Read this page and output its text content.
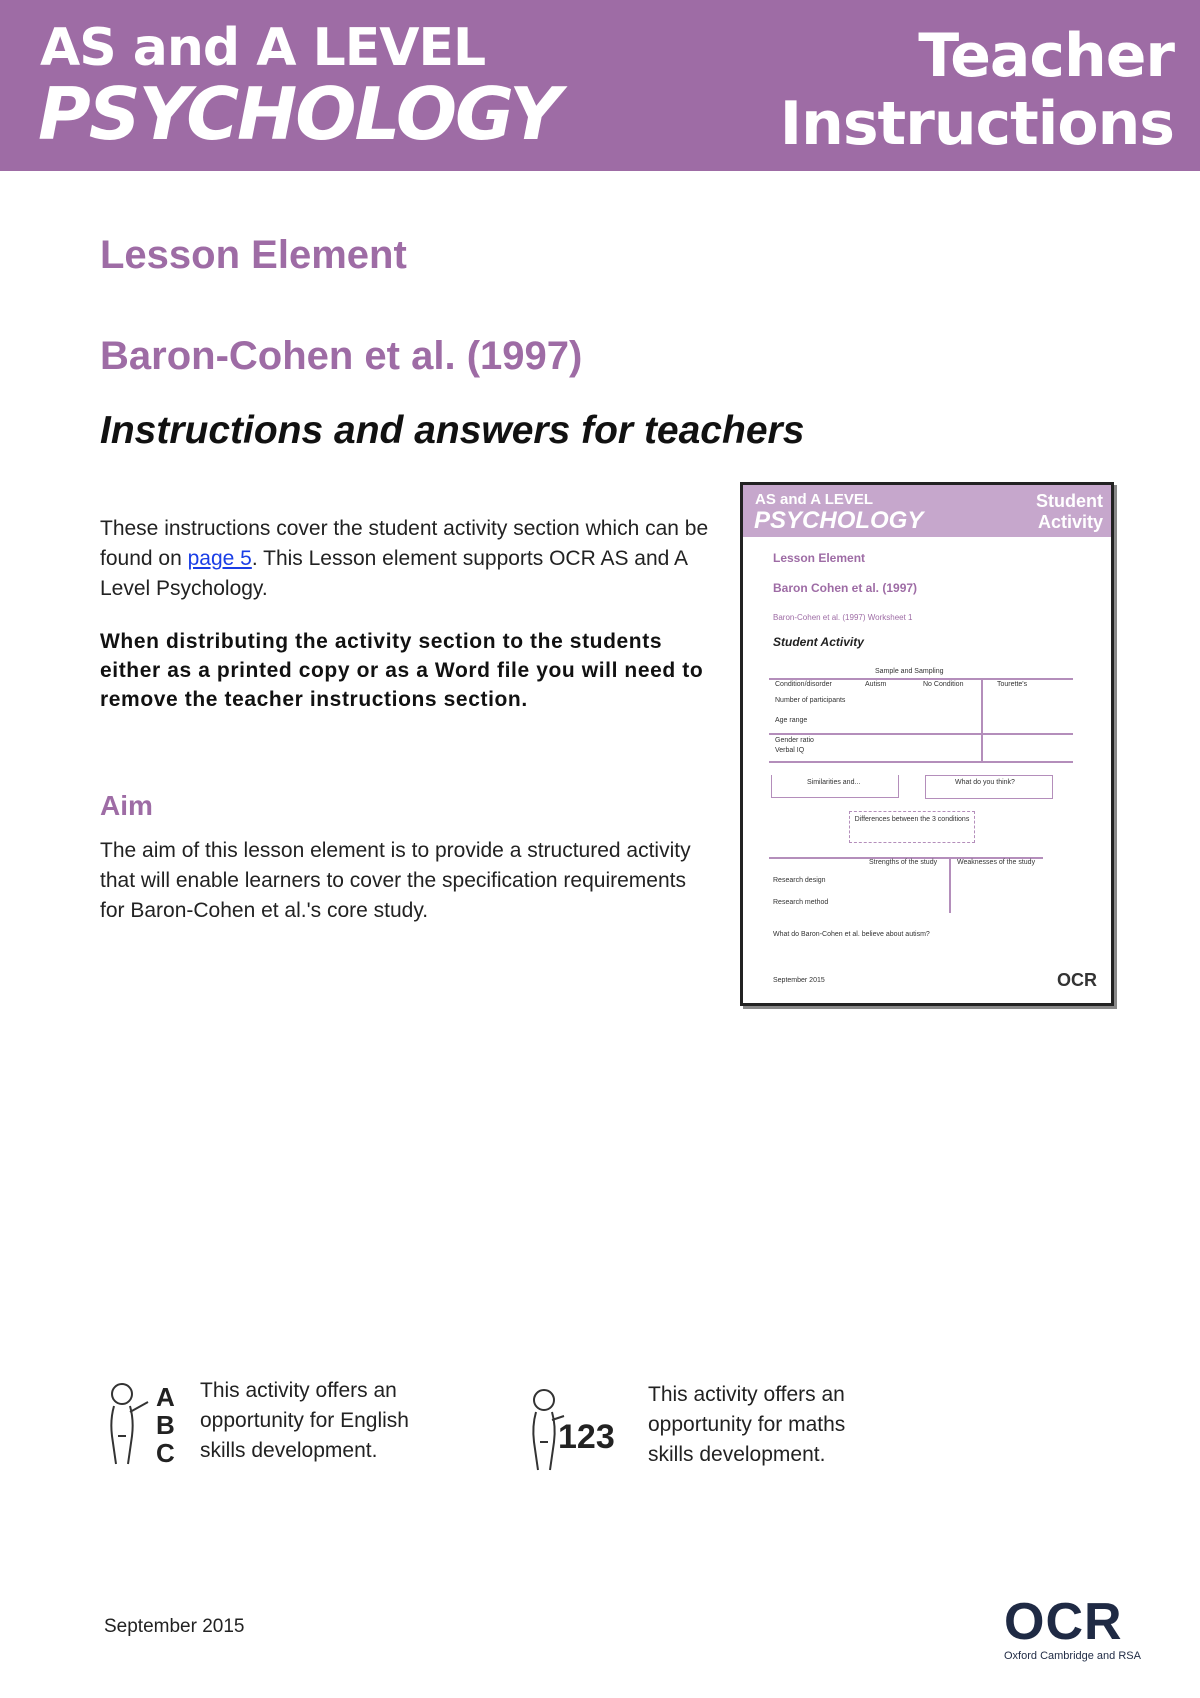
AS and A LEVEL
PSYCHOLOGY
Teacher
Instructions
Lesson Element
Baron-Cohen et al. (1997)
Instructions and answers for teachers

These instructions cover the student activity section which can be found on page 5. This Lesson element supports OCR AS and A Level Psychology.

When distributing the activity section to the students either as a printed copy or as a Word file you will need to remove the teacher instructions section.

Aim

The aim of this lesson element is to provide a structured activity that will enable learners to cover the specification requirements for Baron-Cohen et al.'s core study.

AS and A LEVEL
PSYCHOLOGY
Student
Activity
Lesson Element
Baron Cohen et al. (1997)
Baron-Cohen et al. (1997) Worksheet 1
Student Activity
Sample and Sampling
Condition/disorder	Autism	No Condition	Tourette's
Number of participants
Age range
Gender ratio
Verbal IQ
Similarities and...	What do you think?
Differences between the 3 conditions
Strengths of the study	Weaknesses of the study
Research design
Research method
What do Baron-Cohen et al. believe about autism?
September 2015	OCR
A
B
C
This activity offers an opportunity for English skills development.	123
This activity offers an opportunity for maths skills development.
September 2015	OCR
Oxford Cambridge and RSA
